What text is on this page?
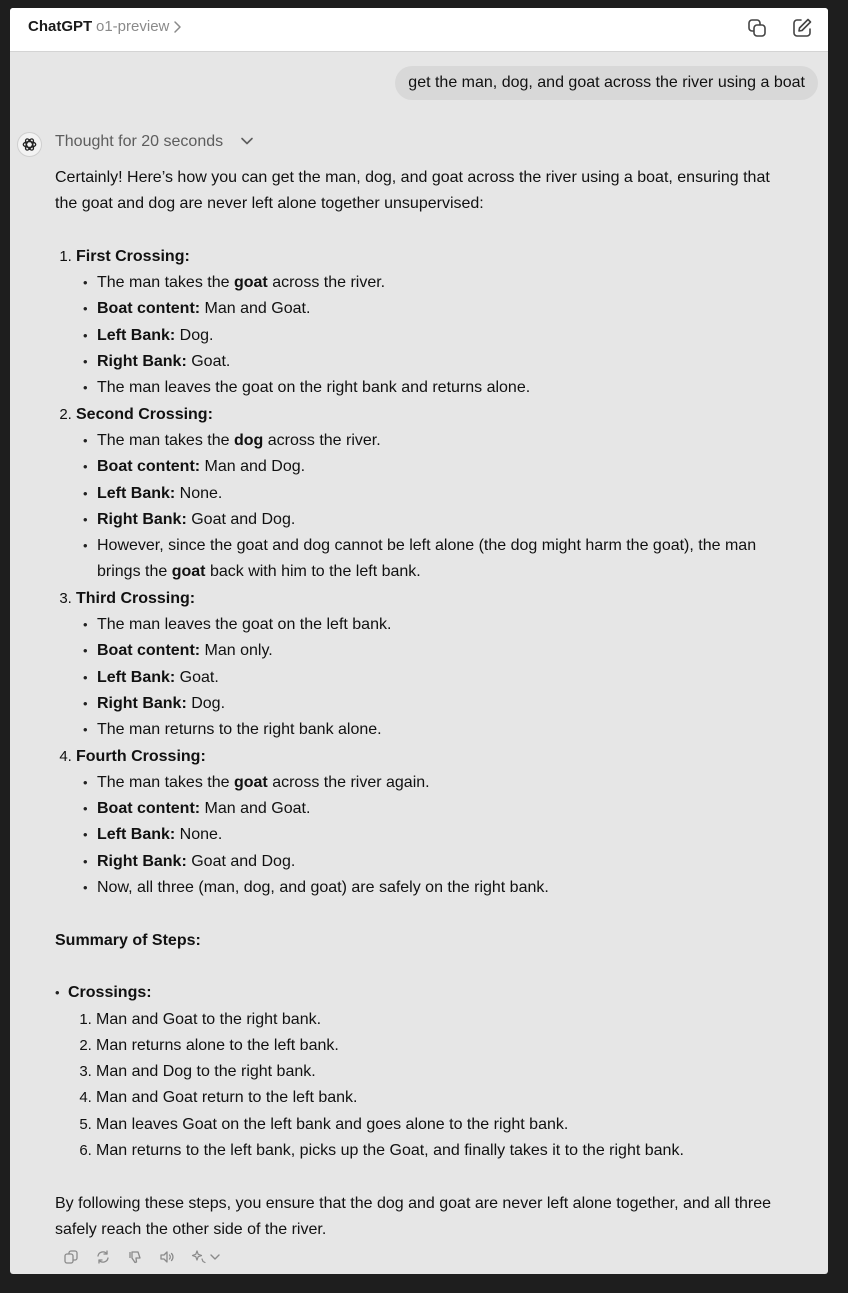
ChatGPT o1-preview
get the man, dog, and goat across the river using a boat
Thought for 20 seconds

Certainly! Here’s how you can get the man, dog, and goat across the river using a boat, ensuring that the goat and dog are never left alone together unsupervised:

1. First Crossing:
• The man takes the goat across the river.
• Boat content: Man and Goat.
• Left Bank: Dog.
• Right Bank: Goat.
• The man leaves the goat on the right bank and returns alone.
2. Second Crossing:
• The man takes the dog across the river.
• Boat content: Man and Dog.
• Left Bank: None.
• Right Bank: Goat and Dog.
• However, since the goat and dog cannot be left alone (the dog might harm the goat), the man brings the goat back with him to the left bank.
3. Third Crossing:
• The man leaves the goat on the left bank.
• Boat content: Man only.
• Left Bank: Goat.
• Right Bank: Dog.
• The man returns to the right bank alone.
4. Fourth Crossing:
• The man takes the goat across the river again.
• Boat content: Man and Goat.
• Left Bank: None.
• Right Bank: Goat and Dog.
• Now, all three (man, dog, and goat) are safely on the right bank.

Summary of Steps:

• Crossings:
1. Man and Goat to the right bank.
2. Man returns alone to the left bank.
3. Man and Dog to the right bank.
4. Man and Goat return to the left bank.
5. Man leaves Goat on the left bank and goes alone to the right bank.
6. Man returns to the left bank, picks up the Goat, and finally takes it to the right bank.

By following these steps, you ensure that the dog and goat are never left alone together, and all three safely reach the other side of the river.
